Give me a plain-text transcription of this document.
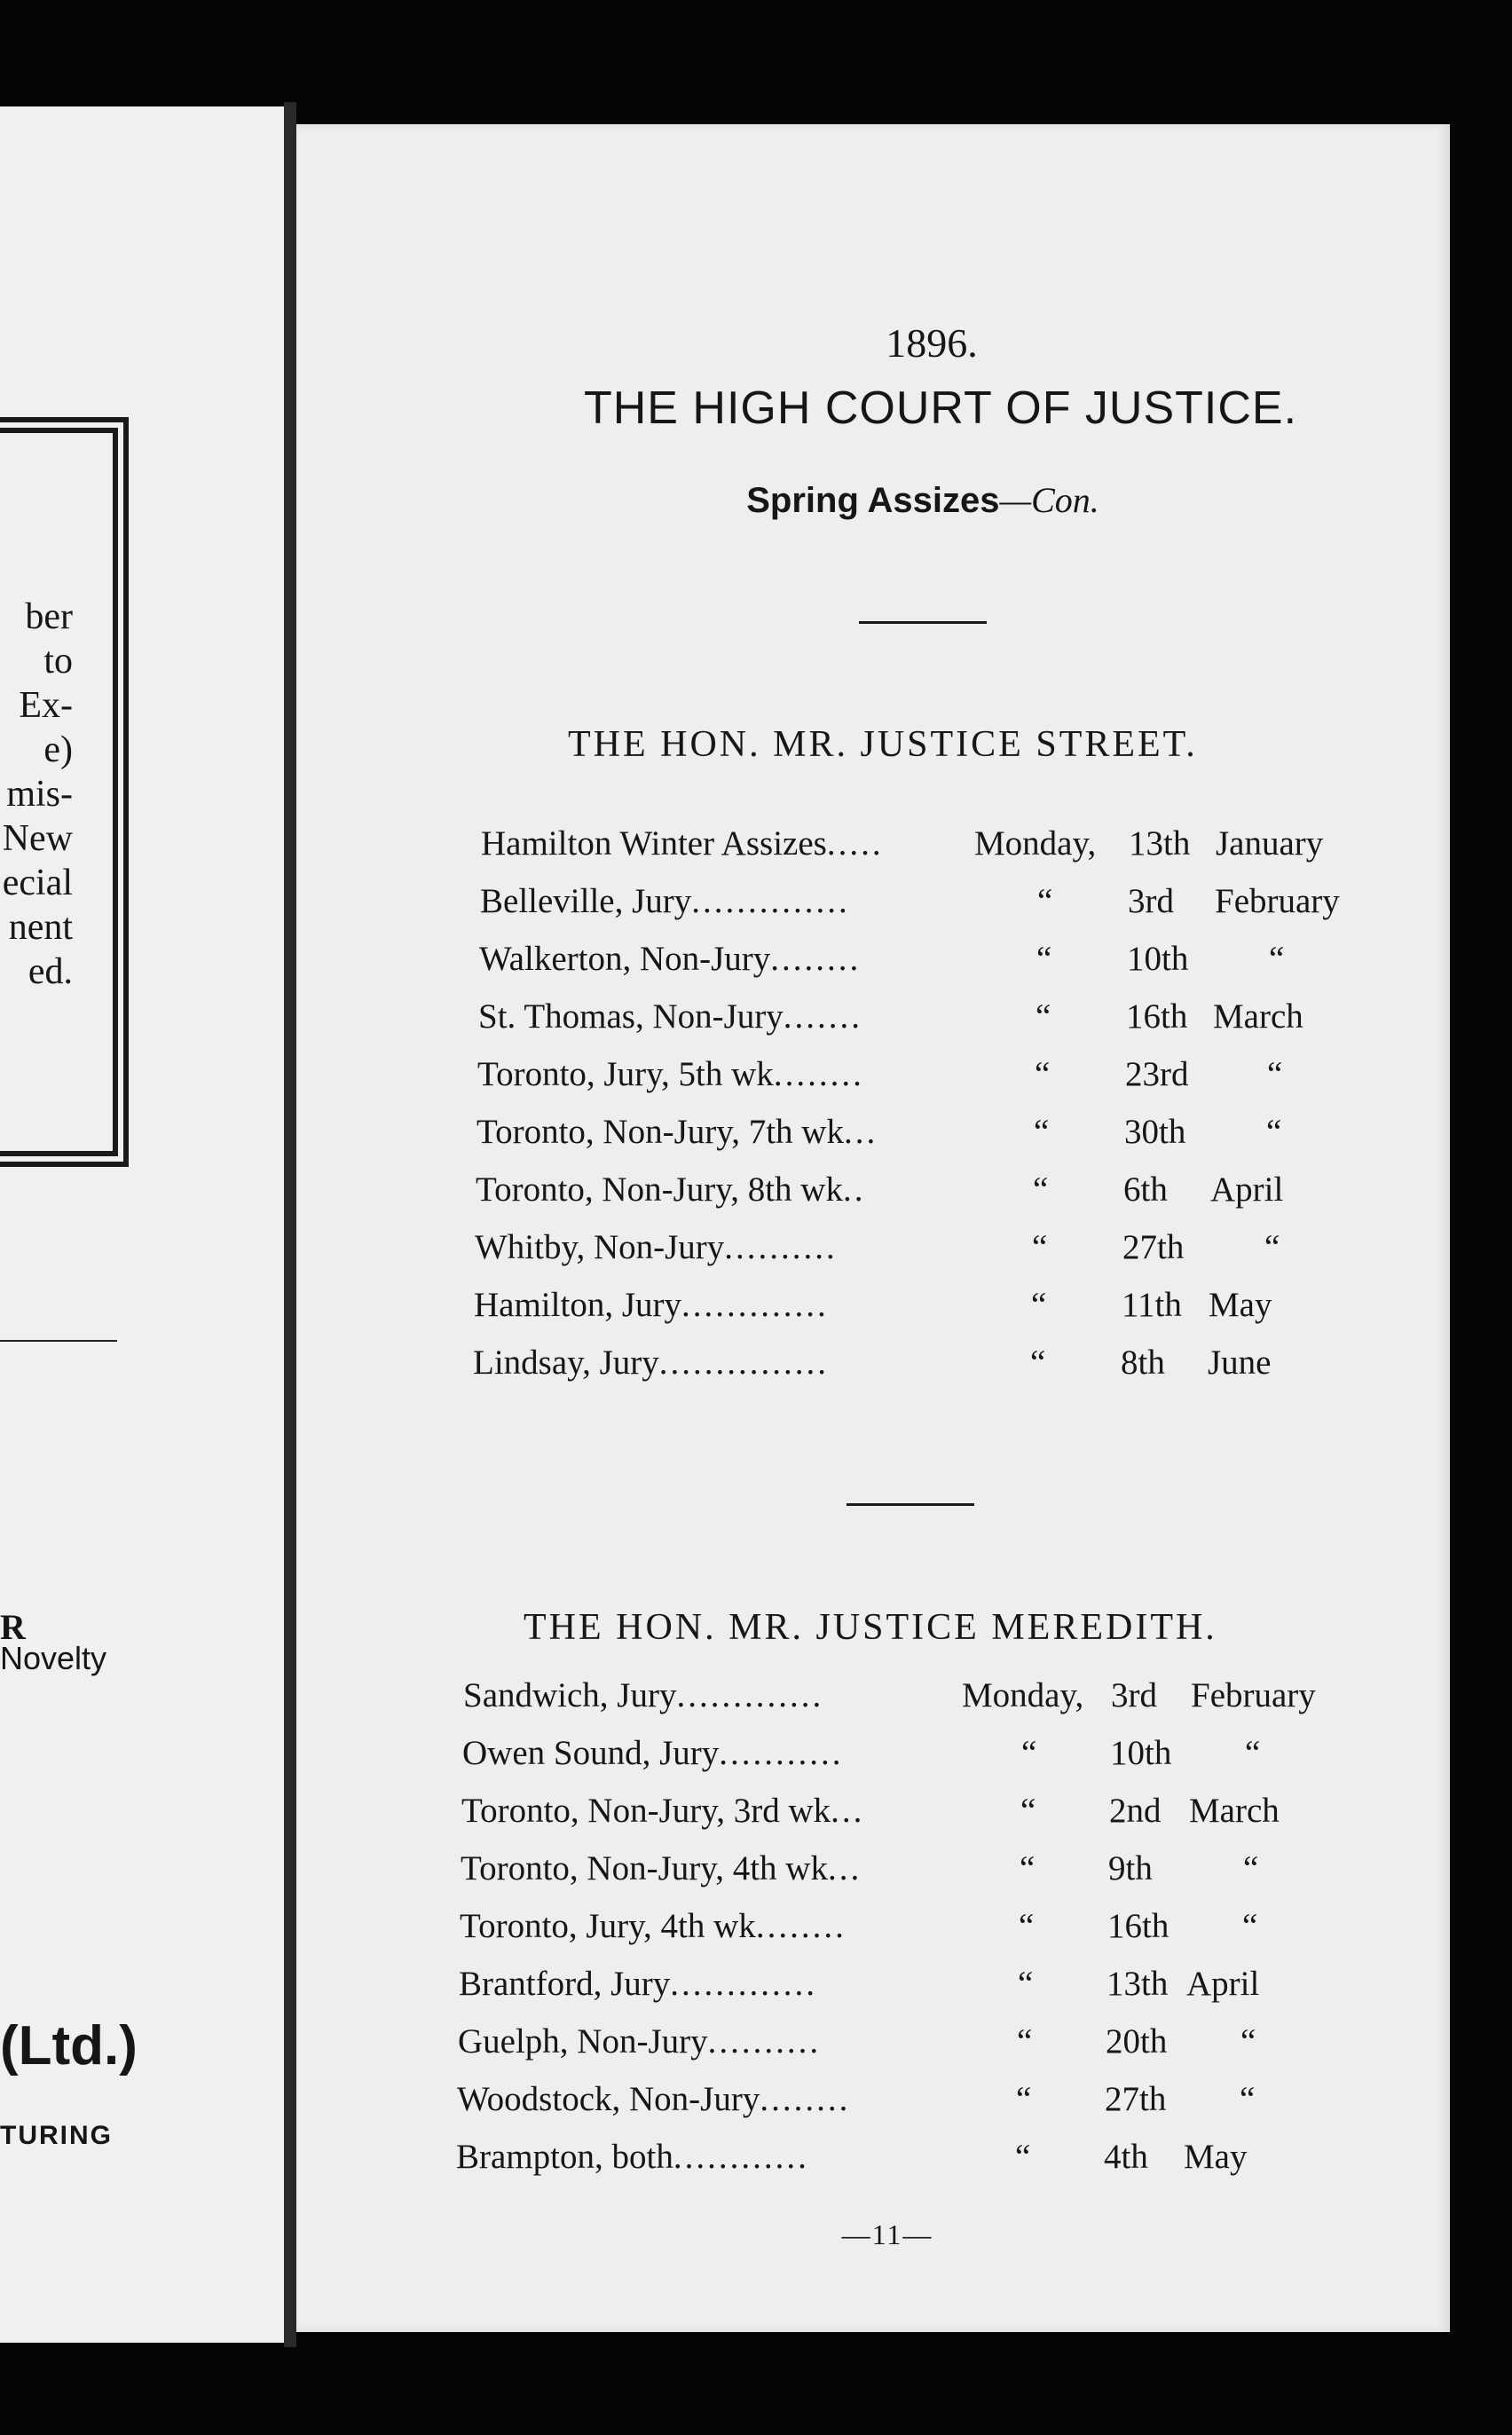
ber
to
Ex-
e)
mis-
New
ecial
nent
ed.
R
Novelty
(Ltd.)
TURING
1896.
THE HIGH COURT OF JUSTICE.
Spring Assizes—Con.
THE HON. MR. JUSTICE STREET.
Hamilton Winter Assizes.....	Monday, 13th January
Belleville, Jury..............	“ 3rd February
Walkerton, Non-Jury........	“ 10th “
St. Thomas, Non-Jury.......	“ 16th March
Toronto, Jury, 5th wk........	“ 23rd “
Toronto, Non-Jury, 7th wk...	“ 30th “
Toronto, Non-Jury, 8th wk..	“ 6th April
Whitby, Non-Jury..........	“ 27th “
Hamilton, Jury.............	“ 11th May
Lindsay, Jury...............	“ 8th June
THE HON. MR. JUSTICE MEREDITH.
Sandwich, Jury.............	Monday, 3rd February
Owen Sound, Jury...........	“ 10th “
Toronto, Non-Jury, 3rd wk...	“ 2nd March
Toronto, Non-Jury, 4th wk...	“ 9th	“
Toronto, Jury, 4th wk........	“ 16th “
Brantford, Jury.............	“ 13th April
Guelph, Non-Jury..........	“ 20th “
Woodstock, Non-Jury........	“ 27th “
Brampton, both............	“ 4th May
—11—
